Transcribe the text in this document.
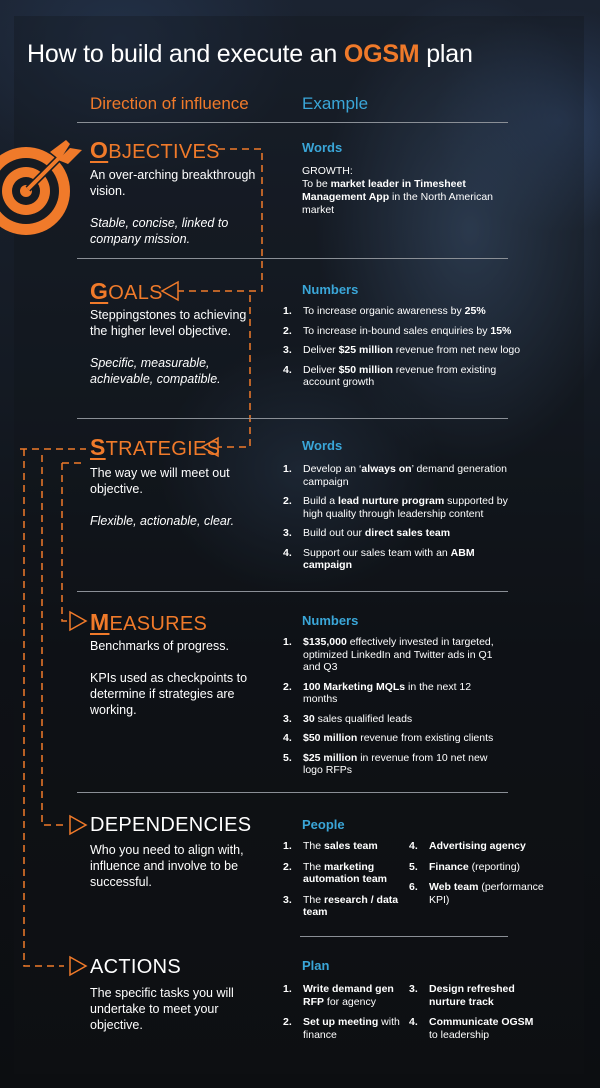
How to build and execute an OGSM plan
Direction of influence	Example
OBJECTIVES
An over-arching breakthrough vision.
Stable, concise, linked to company mission.
Words
GROWTH:
To be market leader in Timesheet Management App in the North American market
GOALS
Steppingstones to achieving the higher level objective.
Specific, measurable, achievable, compatible.
Numbers
1. To increase organic awareness by 25%
2. To increase in-bound sales enquiries by 15%
3. Deliver $25 million revenue from net new logo
4. Deliver $50 million revenue from existing account growth
STRATEGIES
The way we will meet out objective.
Flexible, actionable, clear.
Words
1. Develop an ‘always on’ demand generation campaign
2. Build a lead nurture program supported by high quality through leadership content
3. Build out our direct sales team
4. Support our sales team with an ABM campaign
MEASURES
Benchmarks of progress.
KPIs used as checkpoints to determine if strategies are working.
Numbers
1. $135,000 effectively invested in targeted, optimized LinkedIn and Twitter ads in Q1 and Q3
2. 100 Marketing MQLs in the next 12 months
3. 30 sales qualified leads
4. $50 million revenue from existing clients
5. $25 million in revenue from 10 net new logo RFPs
DEPENDENCIES
Who you need to align with, influence and involve to be successful.
People
1. The sales team
2. The marketing automation team
3. The research / data team
4. Advertising agency
5. Finance (reporting)
6. Web team (performance KPI)
ACTIONS
The specific tasks you will undertake to meet your objective.
Plan
1. Write demand gen RFP for agency
2. Set up meeting with finance
3. Design refreshed nurture track
4. Communicate OGSM to leadership
